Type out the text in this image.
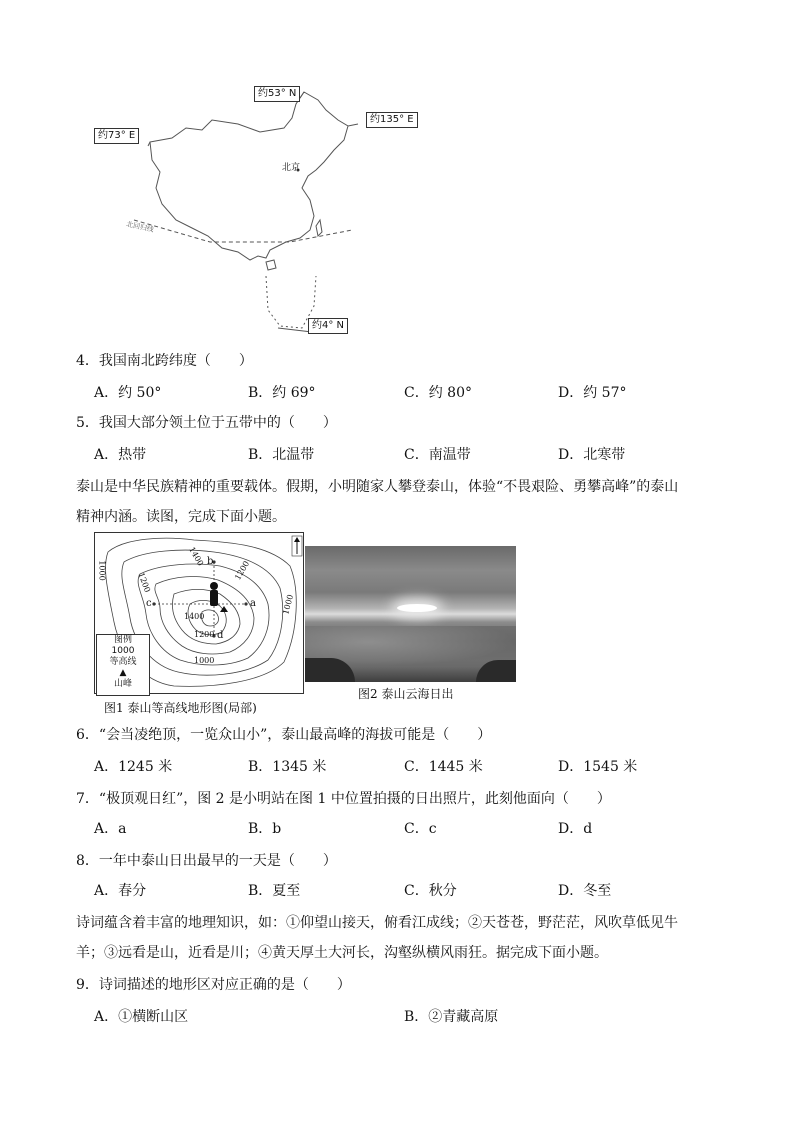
约53° N
约73° E
约135° E
约4° N
北京
北回归线
4．我国南北跨纬度（　　）
A．约 50°	B．约 69°	C．约 80°	D．约 57°
5．我国大部分领土位于五带中的（　　）
A．热带	B．北温带	C．南温带	D．北寒带
泰山是中华民族精神的重要载体。假期，小明随家人攀登泰山，体验“不畏艰险、勇攀高峰”的泰山
精神内涵。读图，完成下面小题。
1000
1200
1400
1200
1400
1200
1000
1000
a
b
c
d
图例
1000
等高线
▲
山峰
图1 泰山等高线地形图(局部)
图2 泰山云海日出
6．“会当凌绝顶，一览众山小”，泰山最高峰的海拔可能是（　　）
A．1245 米	B．1345 米	C．1445 米	D．1545 米
7．“极顶观日红”，图 2 是小明站在图 1 中位置拍摄的日出照片，此刻他面向（　　）
A．a	B．b	C．c	D．d
8．一年中泰山日出最早的一天是（　　）
A．春分	B．夏至	C．秋分	D．冬至
诗词蕴含着丰富的地理知识，如：①仰望山接天，俯看江成线；②天苍苍，野茫茫，风吹草低见牛
羊；③远看是山，近看是川；④黄天厚土大河长，沟壑纵横风雨狂。据完成下面小题。
9．诗词描述的地形区对应正确的是（　　）
A．①横断山区	B．②青藏高原
